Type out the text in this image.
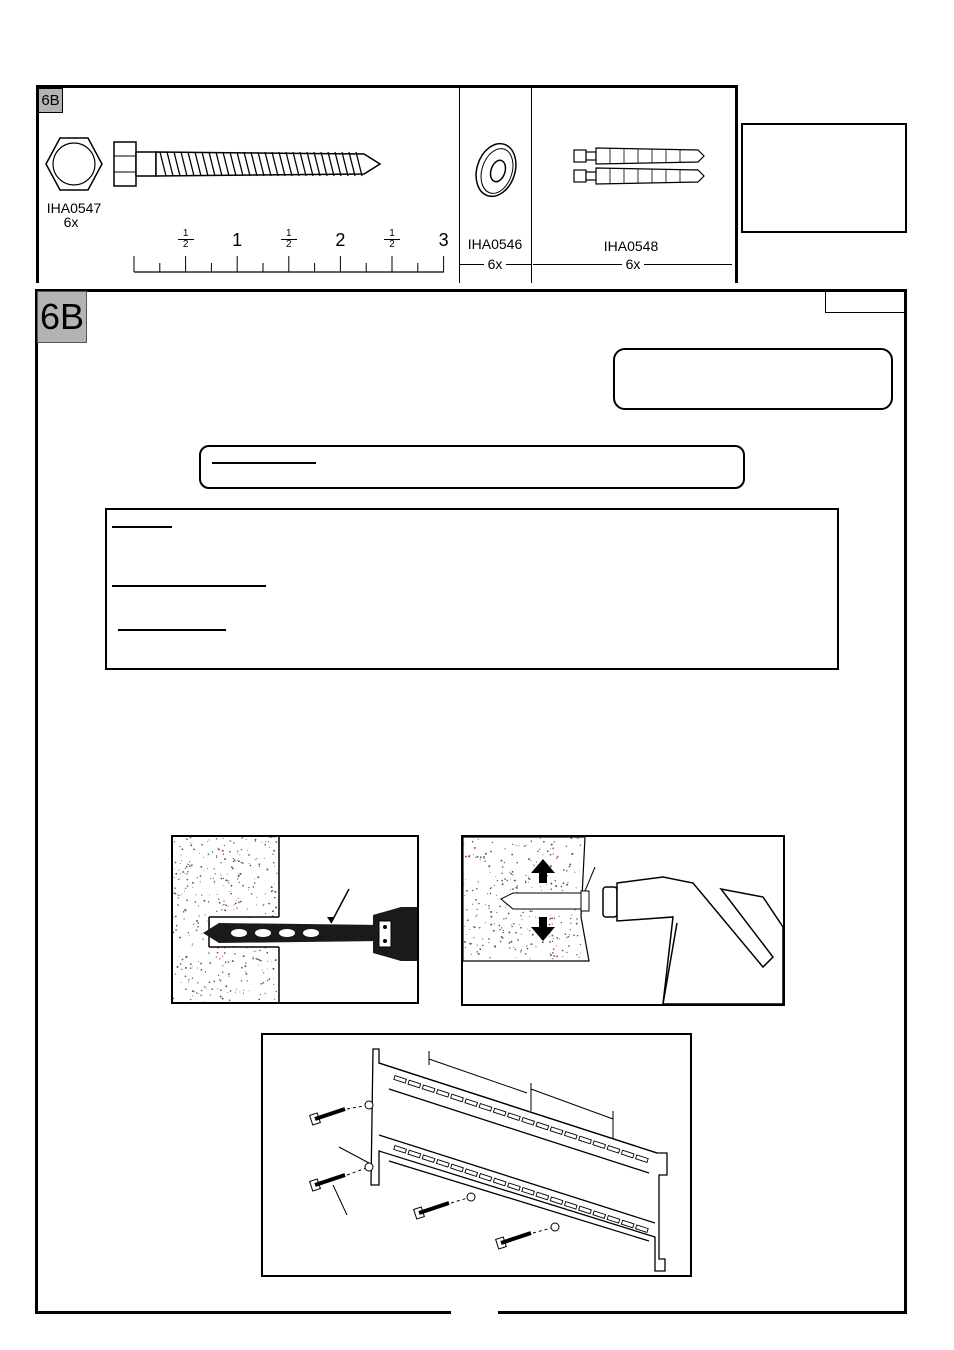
6B
IHA0547
6x
1
2 1	1
2 2	1
2 3	IHA0546
6x
IHA0548
6x
6B
